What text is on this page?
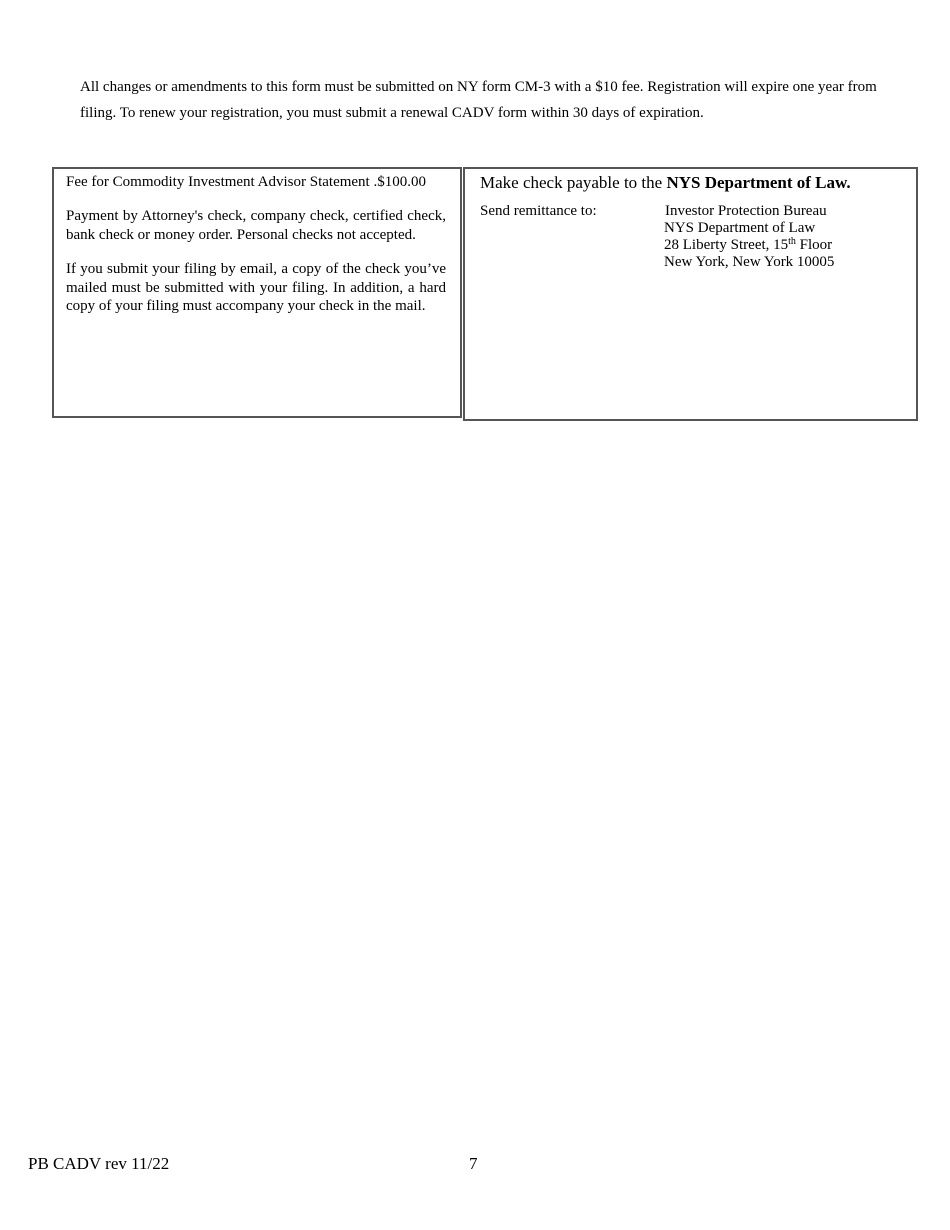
All changes or amendments to this form must be submitted on NY form CM-3 with a $10 fee. Registration will expire one year from filing. To renew your registration, you must submit a renewal CADV form within 30 days of expiration.

Fee for Commodity Investment Advisor Statement .$100.00

Payment by Attorney's check, company check, certified check, bank check or money order. Personal checks not accepted.

If you submit your filing by email, a copy of the check you’ve mailed must be submitted with your filing. In addition, a hard copy of your filing must accompany your check in the mail.

Make check payable to the NYS Department of Law.

Send remittance to:	Investor Protection Bureau
NYS Department of Law
28 Liberty Street, 15th Floor
New York, New York 10005
PB CADV rev 11/22	7
